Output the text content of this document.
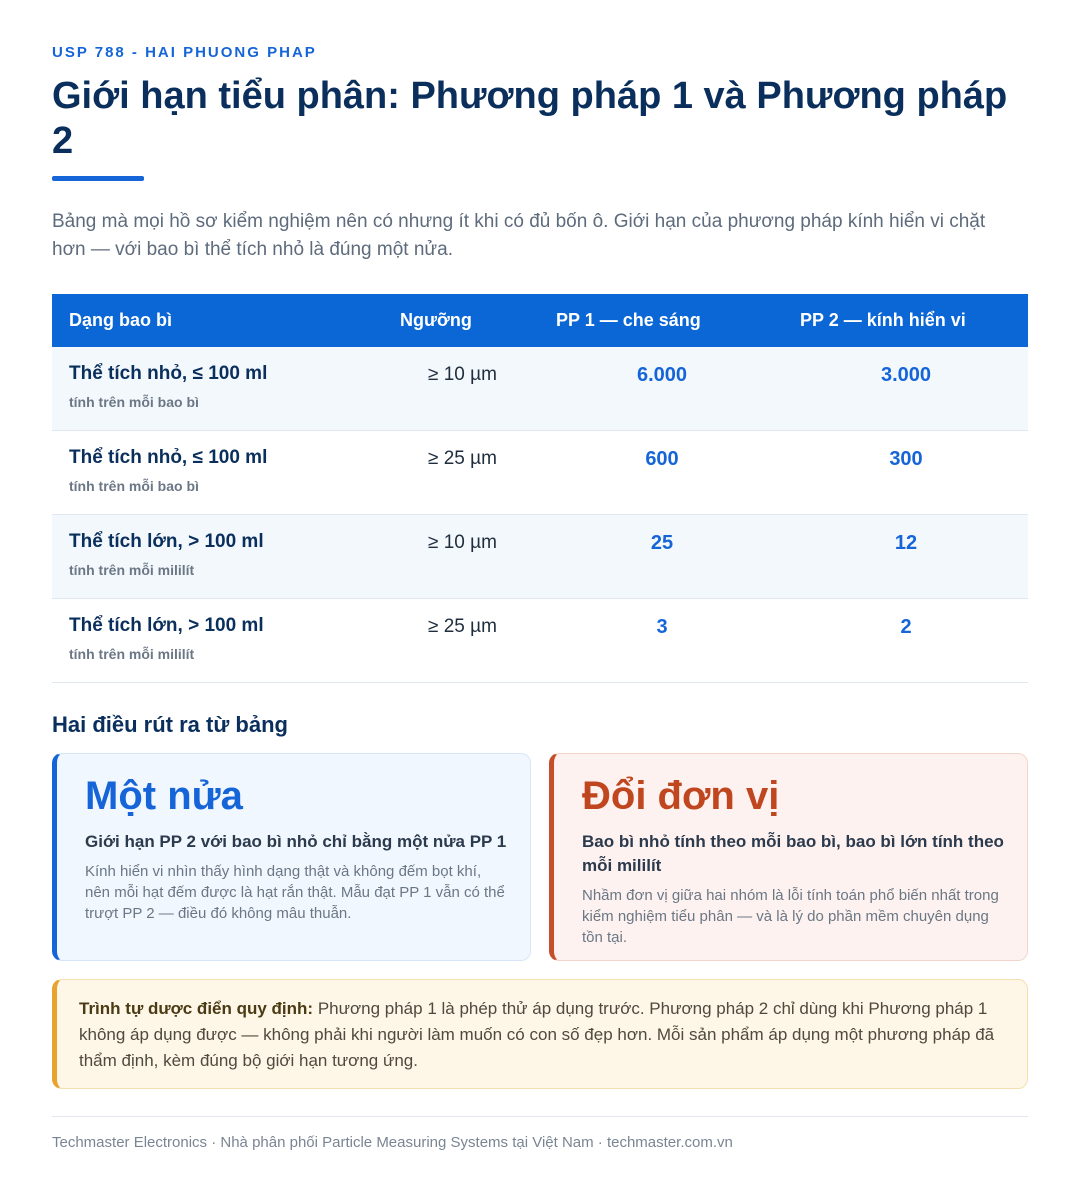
USP 788 - HAI PHUONG PHAP
Giới hạn tiểu phân: Phương pháp 1 và Phương pháp 2

Bảng mà mọi hồ sơ kiểm nghiệm nên có nhưng ít khi có đủ bốn ô. Giới hạn của phương pháp kính hiển vi chặt hơn — với bao bì thể tích nhỏ là đúng một nửa.

Dạng bao bì	Ngưỡng	PP 1 — che sáng	PP 2 — kính hiển vi
Thể tích nhỏ, ≤ 100 ml
tính trên mỗi bao bì
≥ 10 µm	6.000	3.000
Thể tích nhỏ, ≤ 100 ml
tính trên mỗi bao bì
≥ 25 µm	600	300
Thể tích lớn, > 100 ml
tính trên mỗi mililít
≥ 10 µm	25	12
Thể tích lớn, > 100 ml
tính trên mỗi mililít
≥ 25 µm	3	2
Hai điều rút ra từ bảng
Một nửa
Giới hạn PP 2 với bao bì nhỏ chỉ bằng một nửa PP 1
Kính hiển vi nhìn thấy hình dạng thật và không đếm bọt khí, nên mỗi hạt đếm được là hạt rắn thật. Mẫu đạt PP 1 vẫn có thể trượt PP 2 — điều đó không mâu thuẫn.
Đổi đơn vị
Bao bì nhỏ tính theo mỗi bao bì, bao bì lớn tính theo mỗi mililít
Nhầm đơn vị giữa hai nhóm là lỗi tính toán phổ biến nhất trong kiểm nghiệm tiểu phân — và là lý do phần mềm chuyên dụng tồn tại.
Trình tự dược điển quy định: Phương pháp 1 là phép thử áp dụng trước. Phương pháp 2 chỉ dùng khi Phương pháp 1 không áp dụng được — không phải khi người làm muốn có con số đẹp hơn. Mỗi sản phẩm áp dụng một phương pháp đã thẩm định, kèm đúng bộ giới hạn tương ứng.
Techmaster Electronics · Nhà phân phối Particle Measuring Systems tại Việt Nam · techmaster.com.vn
